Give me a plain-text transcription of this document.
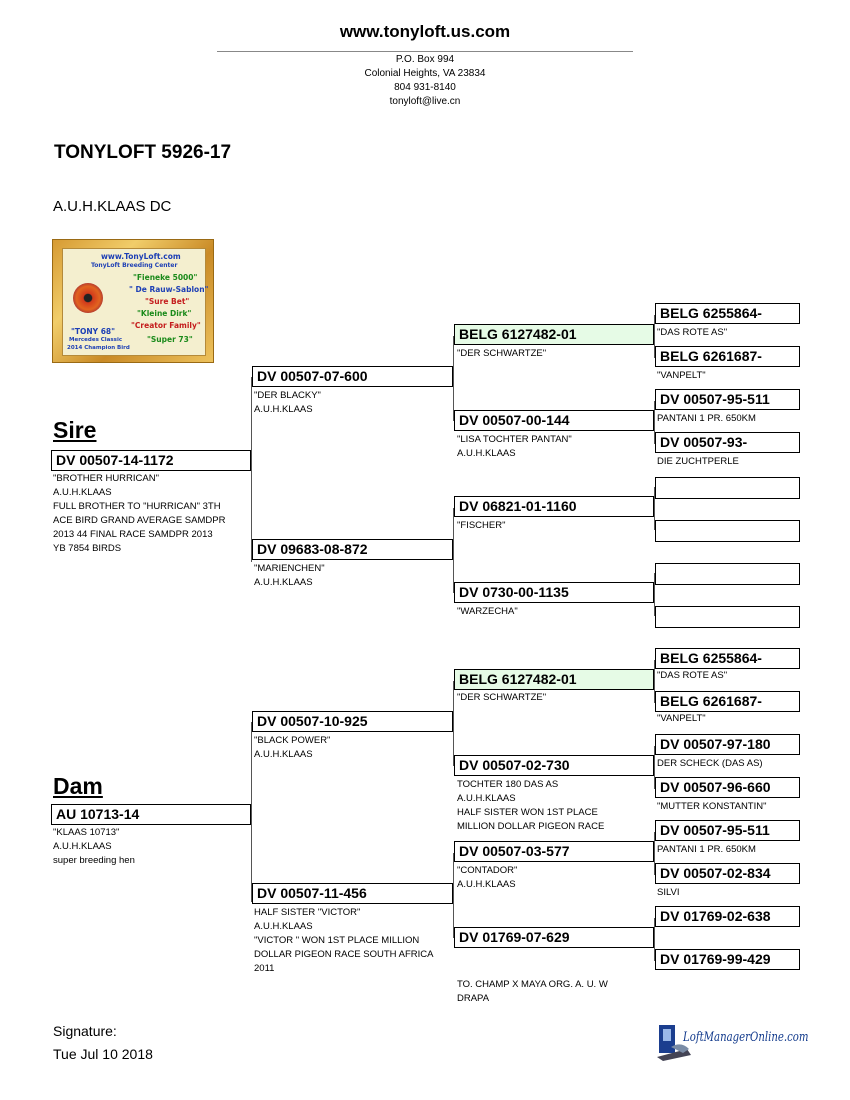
www.tonyloft.us.com
P.O. Box 994
Colonial Heights, VA 23834
804 931-8140
tonyloft@live.cn
TONYLOFT 5926-17
A.U.H.KLAAS DC
www.TonyLoft.com
TonyLoft Breeding Center
"Fieneke 5000"
" De Rauw-Sablon"
"Sure Bet"
"Kleine Dirk"
"Creator Family"
"Super 73"
"TONY 68"
Mercedes Classic
2014 Champion Bird
Sire
DV 00507-14-1172
"BROTHER HURRICAN"
A.U.H.KLAAS
FULL BROTHER TO "HURRICAN" 3TH
ACE BIRD GRAND AVERAGE SAMDPR
2013 44 FINAL RACE SAMDPR 2013
YB 7854 BIRDS
DV 00507-07-600
"DER BLACKY"
A.U.H.KLAAS
DV 09683-08-872
"MARIENCHEN"
A.U.H.KLAAS
BELG 6127482-01
"DER SCHWARTZE"
DV 00507-00-144
"LISA TOCHTER PANTAN"
A.U.H.KLAAS
DV 06821-01-1160
"FISCHER"
DV 0730-00-1135
"WARZECHA"
BELG 6255864-
"DAS ROTE AS"
BELG 6261687-
"VANPELT"
DV 00507-95-511
PANTANI 1 PR. 650KM
DV 00507-93-
DIE ZUCHTPERLE
Dam
AU 10713-14
"KLAAS 10713"
A.U.H.KLAAS
super breeding hen
DV 00507-10-925
"BLACK POWER"
A.U.H.KLAAS
DV 00507-11-456
HALF SISTER "VICTOR"
A.U.H.KLAAS
"VICTOR " WON 1ST PLACE MILLION
DOLLAR PIGEON RACE SOUTH AFRICA
2011
BELG 6127482-01
"DER SCHWARTZE"
DV 00507-02-730
TOCHTER 180 DAS AS
A.U.H.KLAAS
HALF SISTER WON 1ST PLACE
MILLION DOLLAR PIGEON RACE
DV 00507-03-577
"CONTADOR"
A.U.H.KLAAS
DV 01769-07-629
TO. CHAMP X MAYA ORG. A. U. W
DRAPA
BELG 6255864-
"DAS ROTE AS"
BELG 6261687-
"VANPELT"
DV 00507-97-180
DER SCHECK (DAS AS)
DV 00507-96-660
"MUTTER KONSTANTIN"
DV 00507-95-511
PANTANI 1 PR. 650KM
DV 00507-02-834
SILVI
DV 01769-02-638
DV 01769-99-429
Signature:
Tue Jul 10 2018
LoftManagerOnline.com
